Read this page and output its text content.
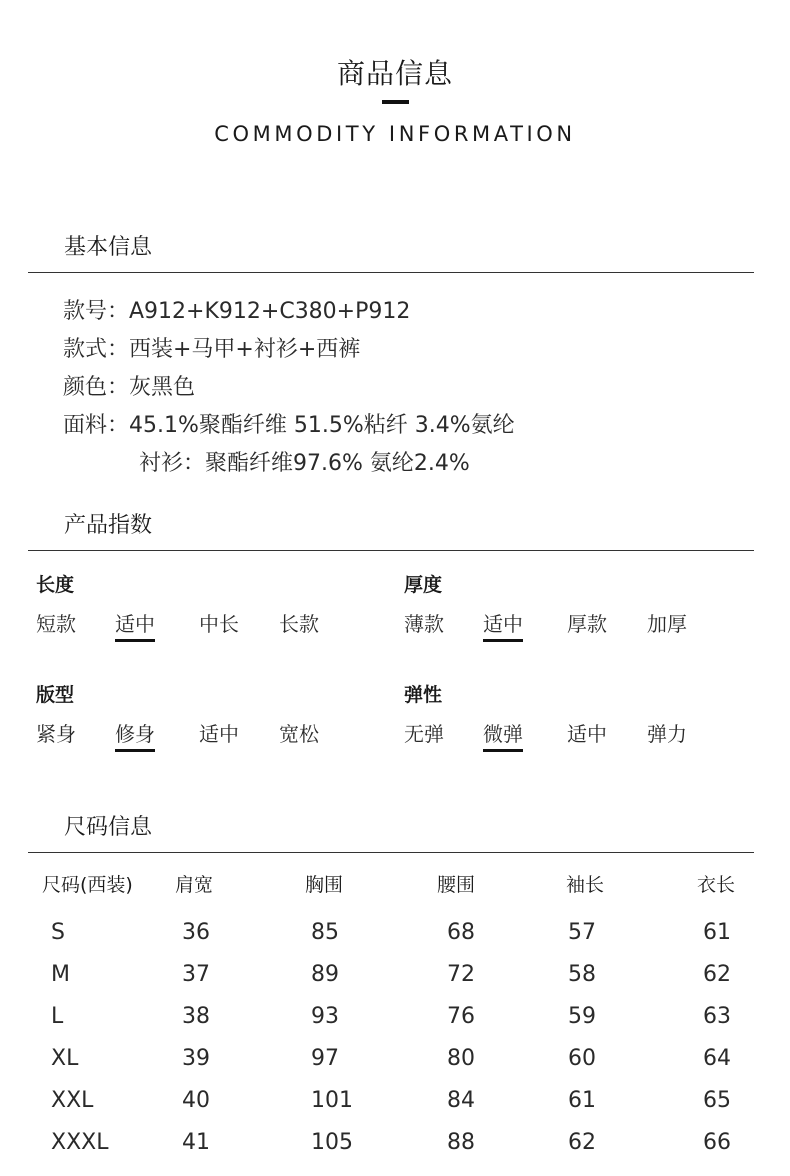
商品信息
COMMODITY INFORMATION
基本信息
款号：A912+K912+C380+P912
款式：西装+马甲+衬衫+西裤
颜色：灰黑色
面料：45.1%聚酯纤维 51.5%粘纤 3.4%氨纶
衬衫：聚酯纤维97.6% 氨纶2.4%
产品指数
长度
短款 适中 中长 长款
厚度
薄款 适中 厚款 加厚
版型
紧身 修身 适中 宽松
弹性
无弹 微弹 适中 弹力
尺码信息
尺码(西装) 肩宽	胸围	腰围	袖长	衣长
S	36	85	68	57	61
M	37	89	72	58	62
L	38	93	76	59	63
XL	39	97	80	60	64
XXL	40	101	84	61	65
XXXL	41	105	88	62	66
